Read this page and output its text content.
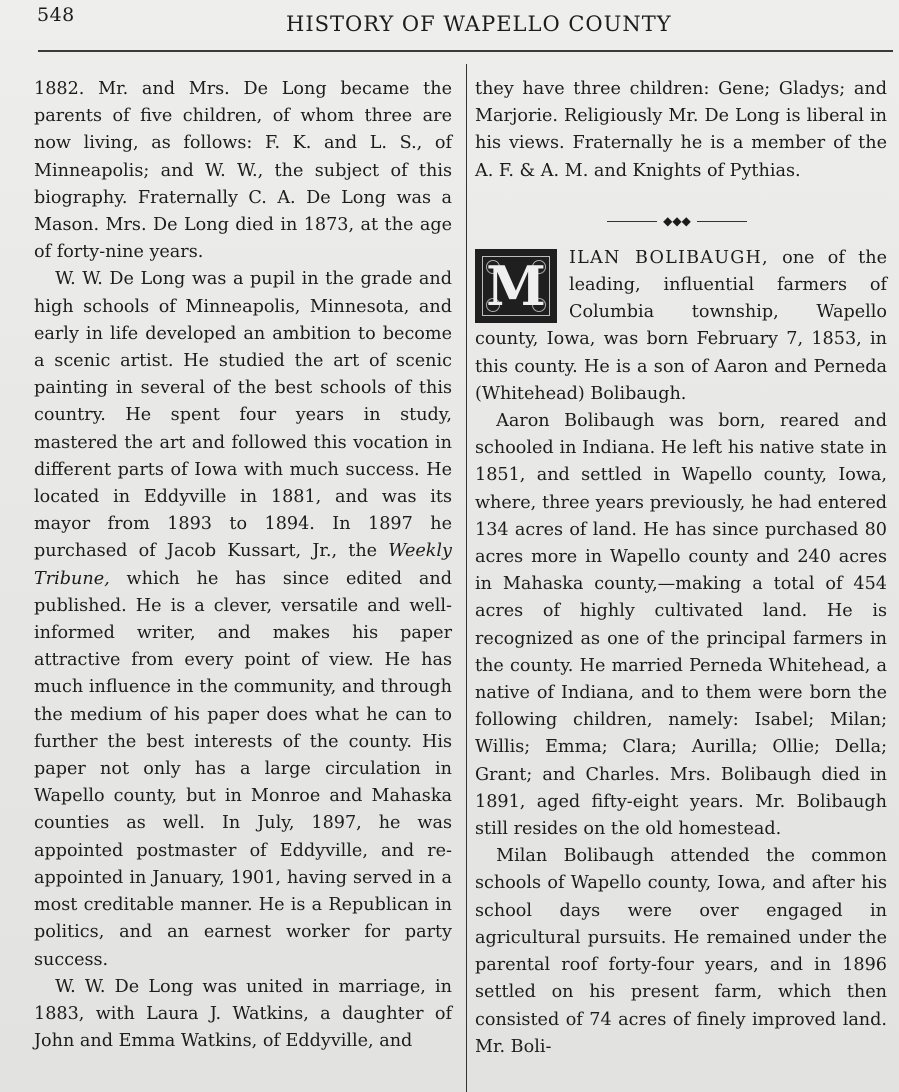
548	HISTORY OF WAPELLO COUNTY

1882. Mr. and Mrs. De Long became the parents of five children, of whom three are now living, as follows: F. K. and L. S., of Minneapolis; and W. W., the subject of this biography. Fraternally C. A. De Long was a Mason. Mrs. De Long died in 1873, at the age of forty-nine years.

W. W. De Long was a pupil in the grade and high schools of Minneapolis, Minnesota, and early in life developed an ambition to become a scenic artist. He studied the art of scenic painting in several of the best schools of this country. He spent four years in study, mastered the art and followed this vocation in different parts of Iowa with much success. He located in Eddyville in 1881, and was its mayor from 1893 to 1894. In 1897 he purchased of Jacob Kussart, Jr., the Weekly Tribune, which he has since edited and published. He is a clever, versatile and well-informed writer, and makes his paper attractive from every point of view. He has much influence in the community, and through the medium of his paper does what he can to further the best interests of the county. His paper not only has a large circulation in Wapello county, but in Monroe and Mahaska counties as well. In July, 1897, he was appointed postmaster of Eddyville, and re-appointed in January, 1901, having served in a most creditable manner. He is a Republican in politics, and an earnest worker for party success.

W. W. De Long was united in marriage, in 1883, with Laura J. Watkins, a daughter of John and Emma Watkins, of Eddyville, and

they have three children: Gene; Gladys; and Marjorie. Religiously Mr. De Long is liberal in his views. Fraternally he is a member of the A. F. & A. M. and Knights of Pythias.

◆◆◆

M	ILAN BOLIBAUGH, one of the leading, influential farmers of Columbia township, Wapello county, Iowa, was born February 7, 1853, in this county. He is a son of Aaron and Perneda (Whitehead) Bolibaugh.

Aaron Bolibaugh was born, reared and schooled in Indiana. He left his native state in 1851, and settled in Wapello county, Iowa, where, three years previously, he had entered 134 acres of land. He has since purchased 80 acres more in Wapello county and 240 acres in Mahaska county,—making a total of 454 acres of highly cultivated land. He is recognized as one of the principal farmers in the county. He married Perneda Whitehead, a native of Indiana, and to them were born the following children, namely: Isabel; Milan; Willis; Emma; Clara; Aurilla; Ollie; Della; Grant; and Charles. Mrs. Bolibaugh died in 1891, aged fifty-eight years. Mr. Bolibaugh still resides on the old homestead.

Milan Bolibaugh attended the common schools of Wapello county, Iowa, and after his school days were over engaged in agricultural pursuits. He remained under the parental roof forty-four years, and in 1896 settled on his present farm, which then consisted of 74 acres of finely improved land. Mr. Boli-
